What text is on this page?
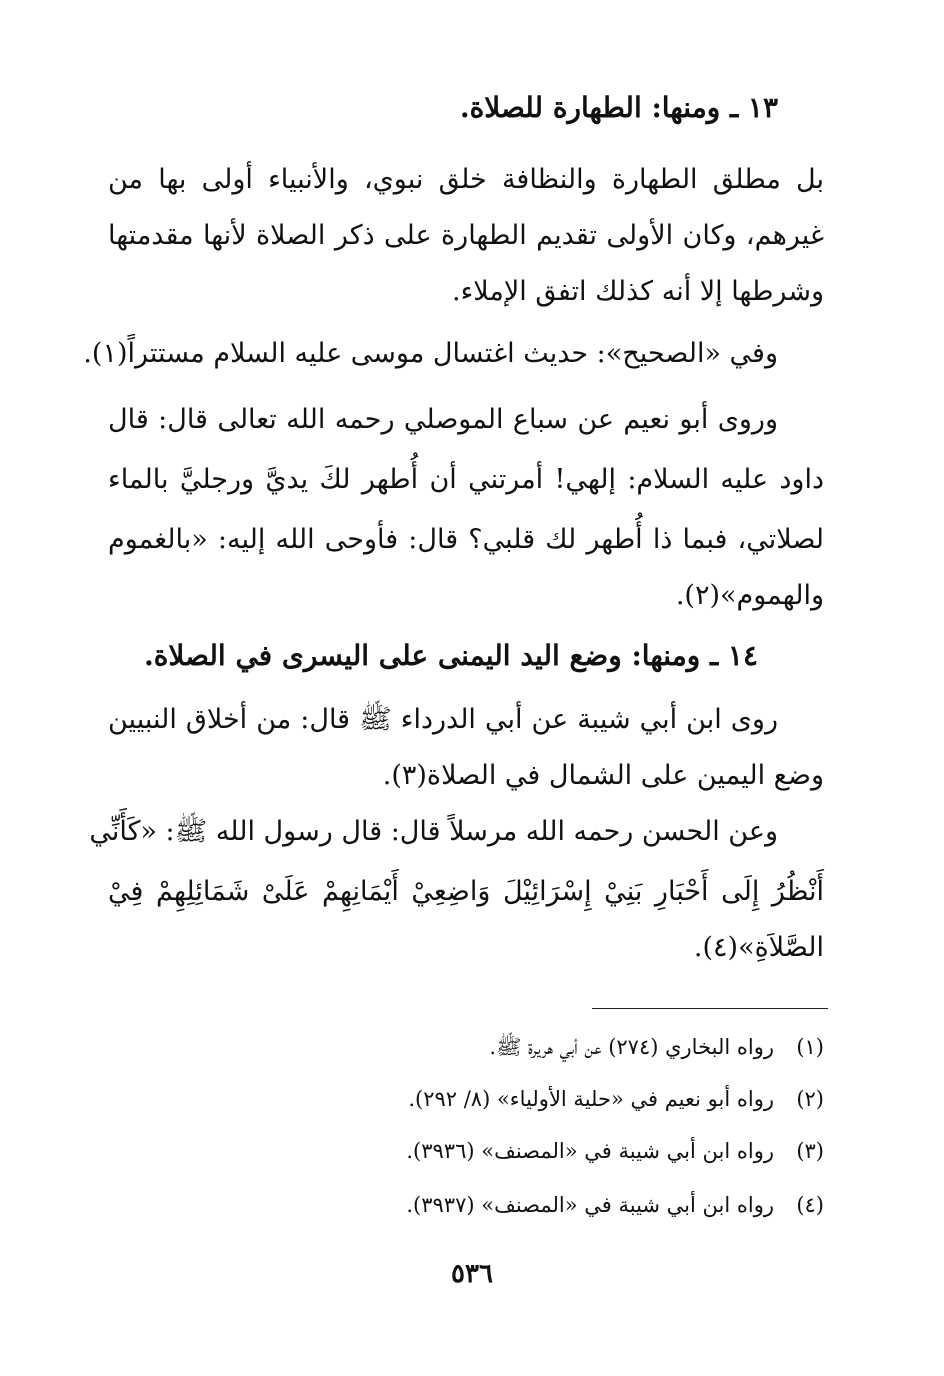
١٣ ـ ومنها: الطهارة للصلاة.
بل مطلق الطهارة والنظافة خلق نبوي، والأنبياء أولى بها من
غيرهم، وكان الأولى تقديم الطهارة على ذكر الصلاة لأنها مقدمتها
وشرطها إلا أنه كذلك اتفق الإملاء.
وفي «الصحيح»: حديث اغتسال موسى عليه السلام مستتراً(١).
وروى أبو نعيم عن سباع الموصلي رحمه الله تعالى قال: قال
داود عليه السلام: إلهي! أمرتني أن أُطهر لكَ يديَّ ورجليَّ بالماء
لصلاتي، فبما ذا أُطهر لك قلبي؟ قال: فأوحى الله إليه: «بالغموم
والهموم»(٢).
١٤ ـ ومنها: وضع اليد اليمنى على اليسرى في الصلاة.
روى ابن أبي شيبة عن أبي الدرداء ﷺ قال: من أخلاق النبيين
وضع اليمين على الشمال في الصلاة(٣).
وعن الحسن رحمه الله مرسلاً قال: قال رسول الله ﷺ: «كَأَنِّي
أَنْظُرُ إِلَى أَحْبَارِ بَنِيْ إِسْرَائِيْلَ وَاضِعِيْ أَيْمَانِهِمْ عَلَىْ شَمَائِلِهِمْ فِيْ
الصَّلاَةِ»(٤).
(١)رواه البخاري (٢٧٤) عن أبي هريرة ﷺ.
(٢)رواه أبو نعيم في «حلية الأولياء» (٨/ ٢٩٢).
(٣)رواه ابن أبي شيبة في «المصنف» (٣٩٣٦).
(٤)رواه ابن أبي شيبة في «المصنف» (٣٩٣٧).
٥٣٦
